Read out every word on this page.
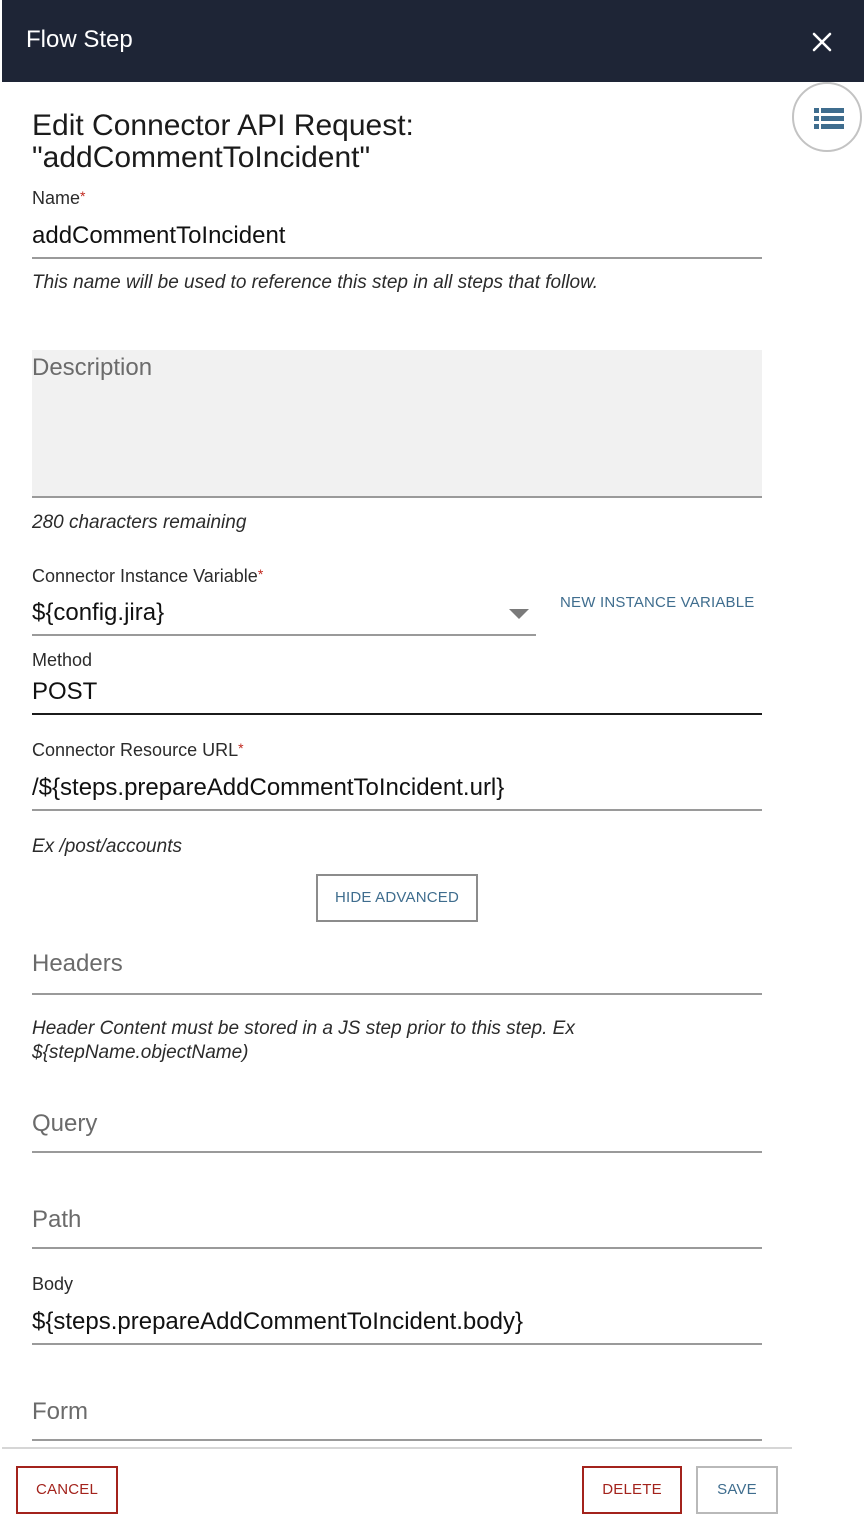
Flow Step
Edit Connector API Request: "addCommentToIncident"
Name*
addCommentToIncident
This name will be used to reference this step in all steps that follow.
Description
280 characters remaining
Connector Instance Variable*
${config.jira}	NEW INSTANCE VARIABLE
Method
POST
Connector Resource URL*
/${steps.prepareAddCommentToIncident.url}
Ex /post/accounts
HIDE ADVANCED
Headers
Header Content must be stored in a JS step prior to this step. Ex ${stepName.objectName)
Query
Path
Body
${steps.prepareAddCommentToIncident.body}
Form
CANCEL	DELETE	SAVE
